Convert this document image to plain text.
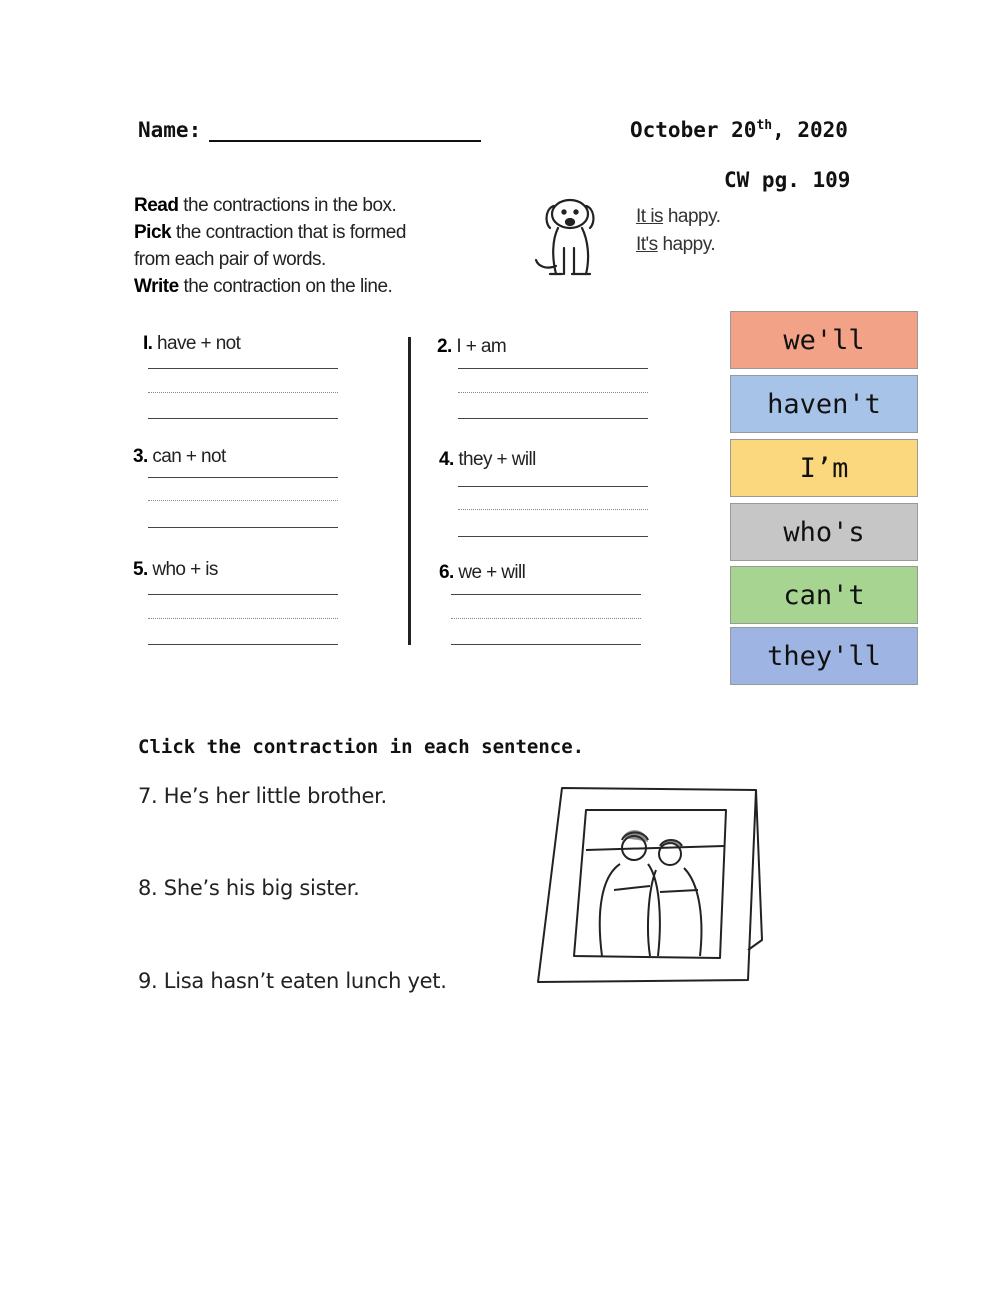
Name:	October 20th, 2020
CW pg. 109
Read the contractions in the box.
Pick the contraction that is formed
from each pair of words.
Write the contraction on the line.
It is happy.
It's happy.
I. have + not
3. can + not
5. who + is
2. I + am
4. they + will
6. we + will
we'll
haven't
I’m
who's
can't
they'll
Click the contraction in each sentence.
7. He’s her little brother.
8. She’s his big sister.
9. Lisa hasn’t eaten lunch yet.
